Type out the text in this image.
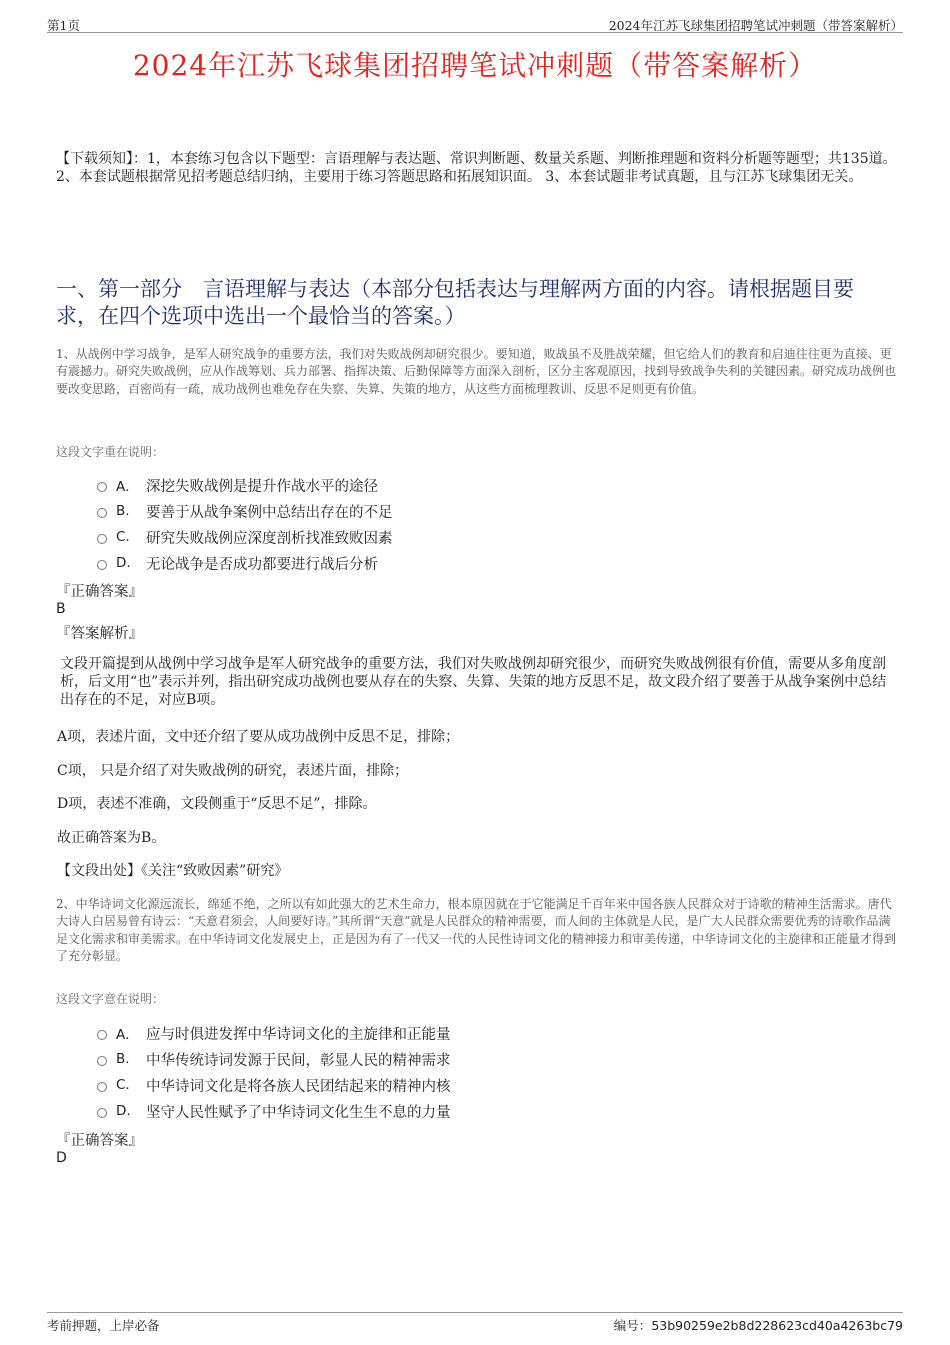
第1页	2024年江苏飞球集团招聘笔试冲刺题（带答案解析）
2024年江苏飞球集团招聘笔试冲刺题（带答案解析）
【下载须知】：1，本套练习包含以下题型：言语理解与表达题、常识判断题、数量关系题、判断推理题和资料分析题等题型；共135道。 2、本套试题根据常见招考题总结归纳，主要用于练习答题思路和拓展知识面。 3、本套试题非考试真题，且与江苏飞球集团无关。
一、第一部分　言语理解与表达（本部分包括表达与理解两方面的内容。请根据题目要求，在四个选项中选出一个最恰当的答案。）
1、从战例中学习战争，是军人研究战争的重要方法，我们对失败战例却研究很少。要知道，败战虽不及胜战荣耀，但它给人们的教育和启迪往往更为直接、更有震撼力。研究失败战例，应从作战筹划、兵力部署、指挥决策、后勤保障等方面深入剖析，区分主客观原因，找到导致战争失利的关键因素。研究成功战例也要改变思路，百密尚有一疏，成功战例也难免存在失察、失算、失策的地方，从这些方面梳理教训、反思不足则更有价值。
这段文字重在说明：
A． 深挖失败战例是提升作战水平的途径
B.	要善于从战争案例中总结出存在的不足
C.	研究失败战例应深度剖析找准致败因素
D.	无论战争是否成功都要进行战后分析
『正确答案』
B
『答案解析』
文段开篇提到从战例中学习战争是军人研究战争的重要方法，我们对失败战例却研究很少，而研究失败战例很有价值，需要从多角度剖析，后文用“也”表示并列，指出研究成功战例也要从存在的失察、失算、失策的地方反思不足，故文段介绍了要善于从战争案例中总结出存在的不足，对应B项。
A项，表述片面，文中还介绍了要从成功战例中反思不足，排除；
C项， 只是介绍了对失败战例的研究，表述片面，排除；
D项，表述不准确，文段侧重于“反思不足”，排除。
故正确答案为B。
【文段出处】《关注“致败因素”研究》
2、中华诗词文化源远流长，绵延不绝，之所以有如此强大的艺术生命力，根本原因就在于它能满足千百年来中国各族人民群众对于诗歌的精神生活需求。唐代大诗人白居易曾有诗云：“天意君须会，人间要好诗。”其所谓“天意”就是人民群众的精神需要，而人间的主体就是人民，是广大人民群众需要优秀的诗歌作品满足文化需求和审美需求。在中华诗词文化发展史上，正是因为有了一代又一代的人民性诗词文化的精神接力和审美传递，中华诗词文化的主旋律和正能量才得到了充分彰显。
这段文字意在说明：
A． 应与时俱进发挥中华诗词文化的主旋律和正能量
B.	中华传统诗词发源于民间，彰显人民的精神需求
C.	中华诗词文化是将各族人民团结起来的精神内核
D.	坚守人民性赋予了中华诗词文化生生不息的力量
『正确答案』
D
考前押题，上岸必备	编号：53b90259e2b8d228623cd40a4263bc79
